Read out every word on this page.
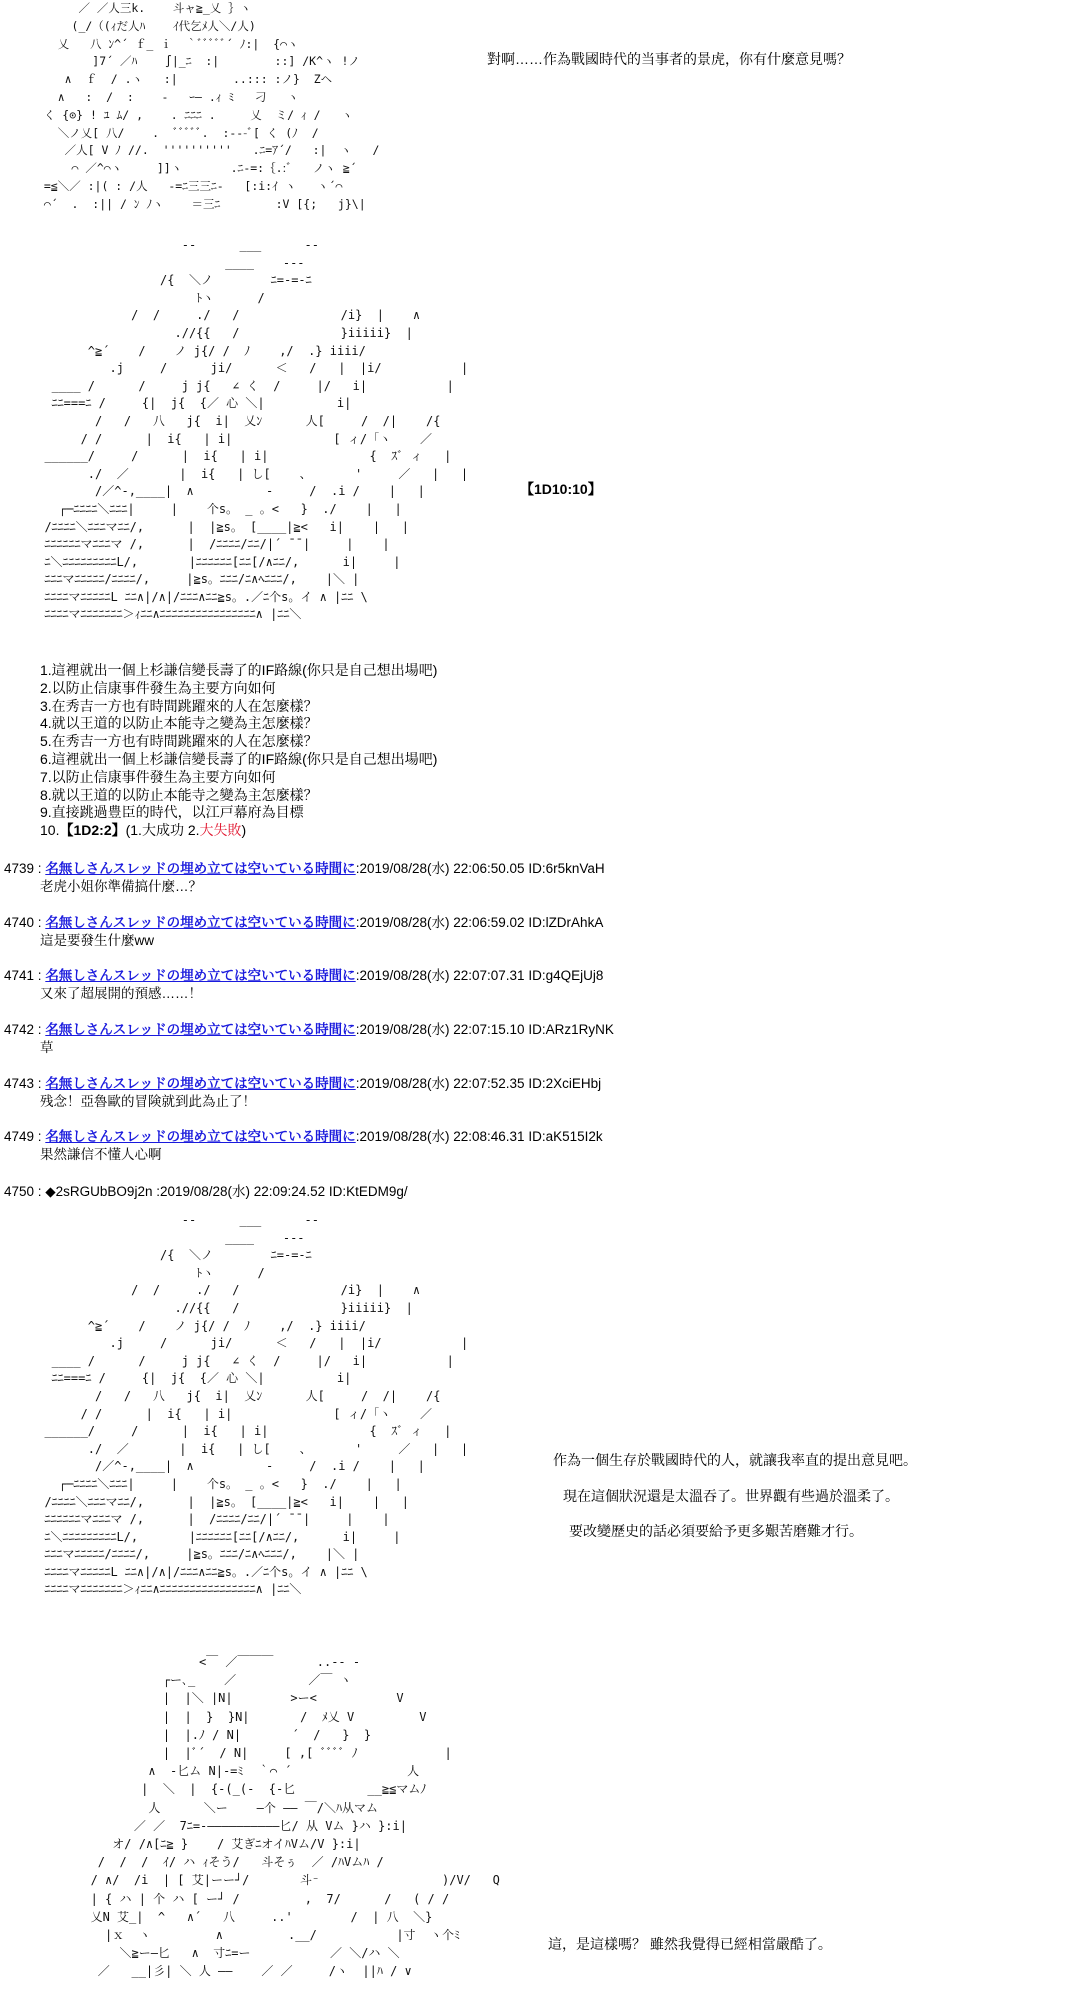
／ ／人三k.    斗ャ≧_乂 ｝ヽ
(_/（(ｨだ人ﾊ    ｲ代乞ﾒ人＼/人)
乂   八 ﾝ^´ ｆ_ ｉ  ｀ﾞﾞﾞﾞﾞ´ ﾉ:|  {⌒ヽ
]7´ ／ﾊ    ∫|_ﾆ  :|        ::] /K^ヽ !ノ
∧  ｆ  / .ヽ   :|        ..::: :ノ}  Zヘ
∧   :  /  :    -   ｰ― .ｨ ﾐ   刁   ヽ
く {⊙} ! ﾕ ﾑ/ ,    . ﾆﾆﾆ .     乂  ミ/ ｨ /   ヽ
＼ノ乂[ 八/    .  ﾞﾞﾞﾞﾞ.  :---ﾞ[ く (ﾉ  /
／人[ V ﾉ //.  ''''''''''   .ﾆ=ｱ´/   :|  ヽ   /
⌒ ／^⌒ヽ     ]]ヽ       .ﾆ-=:｛.:ﾞ   ノヽ ≧´
=≦＼／ :|( : /人   -=ﾆ三三ﾆ-   [:i:ｲ ヽ   ヽ´⌒
⌒´  .  :|| / ﾝ ﾉヽ    ＝三ﾆ        :V [{;   j}\|
對啊……作為戰國時代的当事者的景虎，你有什麼意見嗎？
--      ___      --
____    ---
/{  ＼ノ        ﾆ=-=-ﾆ
ﾄヽ      /
/  /     ./   /              /i}  |    ∧
.//{{   /              }iiiii}  |
^≧´    /    ノ j{/ /  ﾉ    ,/  .} iiii/
.j     /      ji/      ＜   /   |  |i/           |
____ /      /     j j{   ∠ く  /     |/   i|           |
ﾆﾆ===ﾆ /     {|  j{  {／ 心 ＼|          i|
/   /   八   j{  i|  乂ﾝ      人[     /  /|    /{
/ /      |  i{   | i|              [ ィ/「ヽ    ／
______/     /      |  i{   | i|              {  ｽﾞ ィ   |
./  ／       |  i{   | し[    、      '     ／   |   |
/／^‐,____|  ∧          ‐     /  .i /    |   |
┌─ﾆﾆﾆﾆ＼ﾆﾆﾆ|     |    个s。 _ 。<   }  ./    |   |
/ﾆﾆﾆﾆ＼ﾆﾆﾆマﾆﾆ/,      |  |≧s。 [____|≧<   i|    |   |
ﾆﾆﾆﾆﾆﾆマﾆﾆﾆマ /,      |  /ﾆﾆﾆﾆ/ﾆﾆ/|´ ̄ ̄ |     |    |
ﾆ＼ﾆﾆﾆﾆﾆﾆﾆﾆﾆL/,       |ﾆﾆﾆﾆﾆﾆ[ﾆﾆ[/∧ﾆﾆ/,      i|     |
ﾆﾆﾆマﾆﾆﾆﾆﾆ/ﾆﾆﾆﾆ/,     |≧s。ﾆﾆﾆ/ﾆ∧ﾍﾆﾆﾆ/,    |＼ |
ﾆﾆﾆﾆマﾆﾆﾆﾆﾆL ﾆﾆ∧|/∧|/ﾆﾆﾆ∧ﾆﾆ≧s。.／ﾆ个s。イ ∧ |ﾆﾆ \
ﾆﾆﾆﾆマﾆﾆﾆﾆﾆﾆﾆ＞ｨﾆﾆ∧ﾆﾆﾆﾆﾆﾆﾆﾆﾆﾆﾆﾆﾆﾆﾆﾆ∧ |ﾆﾆ＼
【1D10:10】
1.這裡就出一個上杉謙信變長壽了的IF路線(你只是自己想出場吧)
2.以防止信康事件發生為主要方向如何
3.在秀吉一方也有時間跳躍來的人在怎麼樣？
4.就以王道的以防止本能寺之變為主怎麼樣？
5.在秀吉一方也有時間跳躍來的人在怎麼樣？
6.這裡就出一個上杉謙信變長壽了的IF路線(你只是自己想出場吧)
7.以防止信康事件發生為主要方向如何
8.就以王道的以防止本能寺之變為主怎麼樣？
9.直接跳過豊臣的時代，以江戸幕府為目標
10.【1D2:2】(1.大成功 2.大失敗)
4739 : 名無しさんスレッドの埋め立ては空いている時間に:2019/08/28(水) 22:06:50.05 ID:6r5knVaH
老虎小姐你準備搞什麼…？
4740 : 名無しさんスレッドの埋め立ては空いている時間に:2019/08/28(水) 22:06:59.02 ID:lZDrAhkA
這是要發生什麼ww
4741 : 名無しさんスレッドの埋め立ては空いている時間に:2019/08/28(水) 22:07:07.31 ID:g4QEjUj8
又來了超展開的預感……！
4742 : 名無しさんスレッドの埋め立ては空いている時間に:2019/08/28(水) 22:07:15.10 ID:ARz1RyNK
草
4743 : 名無しさんスレッドの埋め立ては空いている時間に:2019/08/28(水) 22:07:52.35 ID:2XciEHbj
残念！亞魯歐的冒険就到此為止了！
4749 : 名無しさんスレッドの埋め立ては空いている時間に:2019/08/28(水) 22:08:46.31 ID:aK515I2k
果然謙信不懂人心啊
4750 : ◆2sRGUbBO9j2n :2019/08/28(水) 22:09:24.52 ID:KtEDM9g/
--      ___      --
____    ---
/{  ＼ノ        ﾆ=-=-ﾆ
ﾄヽ      /
/  /     ./   /              /i}  |    ∧
.//{{   /              }iiiii}  |
^≧´    /    ノ j{/ /  ﾉ    ,/  .} iiii/
.j     /      ji/      ＜   /   |  |i/           |
____ /      /     j j{   ∠ く  /     |/   i|           |
ﾆﾆ===ﾆ /     {|  j{  {／ 心 ＼|          i|
/   /   八   j{  i|  乂ﾝ      人[     /  /|    /{
/ /      |  i{   | i|              [ ィ/「ヽ    ／
______/     /      |  i{   | i|              {  ｽﾞ ィ   |
./  ／       |  i{   | し[    、      '     ／   |   |
/／^‐,____|  ∧          ‐     /  .i /    |   |
┌─ﾆﾆﾆﾆ＼ﾆﾆﾆ|     |    个s。 _ 。<   }  ./    |   |
/ﾆﾆﾆﾆ＼ﾆﾆﾆマﾆﾆ/,      |  |≧s。 [____|≧<   i|    |   |
ﾆﾆﾆﾆﾆﾆマﾆﾆﾆマ /,      |  /ﾆﾆﾆﾆ/ﾆﾆ/|´ ̄ ̄ |     |    |
ﾆ＼ﾆﾆﾆﾆﾆﾆﾆﾆﾆL/,       |ﾆﾆﾆﾆﾆﾆ[ﾆﾆ[/∧ﾆﾆ/,      i|     |
ﾆﾆﾆマﾆﾆﾆﾆﾆ/ﾆﾆﾆﾆ/,     |≧s。ﾆﾆﾆ/ﾆ∧ﾍﾆﾆﾆ/,    |＼ |
ﾆﾆﾆﾆマﾆﾆﾆﾆﾆL ﾆﾆ∧|/∧|/ﾆﾆﾆ∧ﾆﾆ≧s。.／ﾆ个s。イ ∧ |ﾆﾆ \
ﾆﾆﾆﾆマﾆﾆﾆﾆﾆﾆﾆ＞ｨﾆﾆ∧ﾆﾆﾆﾆﾆﾆﾆﾆﾆﾆﾆﾆﾆﾆﾆﾆ∧ |ﾆﾆ＼
作為一個生存於戰國時代的人，就讓我率直的提出意見吧。
現在這個狀況還是太溫吞了。世界觀有些過於溫柔了。
要改變歷史的話必須要給予更多艱苦磨難才行。
<￣ ／￣￣￣      ..-- -
┌ー､_    ／          ／￣ ヽ
|  |＼ |N|        >ー<           V
|  |  }  }N|       /  ﾒ乂 V         V
|  |.ﾉ / N|       ´  /   }  }
|  |ﾞ´  / N|     [ ,[ ﾞﾞﾞﾞ ﾉ            |
∧  -匕ム N|-=ﾐ  ｀⌒ ´                人
|  ＼  |  {-(_(-  {-匕          __≧≦マムﾉ
人      ＼ー    ―个 ―― ￣/＼ﾊ从マム
／ ／  7ﾆ=-――――――――――匕/ 从 Vム }ハ }:i|
オ/ /∧[ﾆ≧ }    / 艾ぎﾆオイﾊVム/V }:i|
/  /  /  ｲ/ ハ ｨそう/   斗そぅ  ／ /ﾊVムﾊ /
/ ∧/  /i  | [ 艾|ーー┘/       斗⁻                 )/V/   Q
| { ハ | 个 ハ [ ー┘ /         ,  7/      /   ( / /
乂N 艾_|  ^   ∧´   八     ..'        /  | 八  ＼}
|ｘ  ヽ         ∧         .__/           |寸  ヽ个ﾐ
＼≧ー―匕   ∧  寸ﾆ=ー           ／ ＼/ハ ＼
／   __|彡| ＼ 人 ――    ／ ／     /ヽ  ||ﾊ / ∨
這，是這樣嗎？ 雖然我覺得已經相當嚴酷了。
